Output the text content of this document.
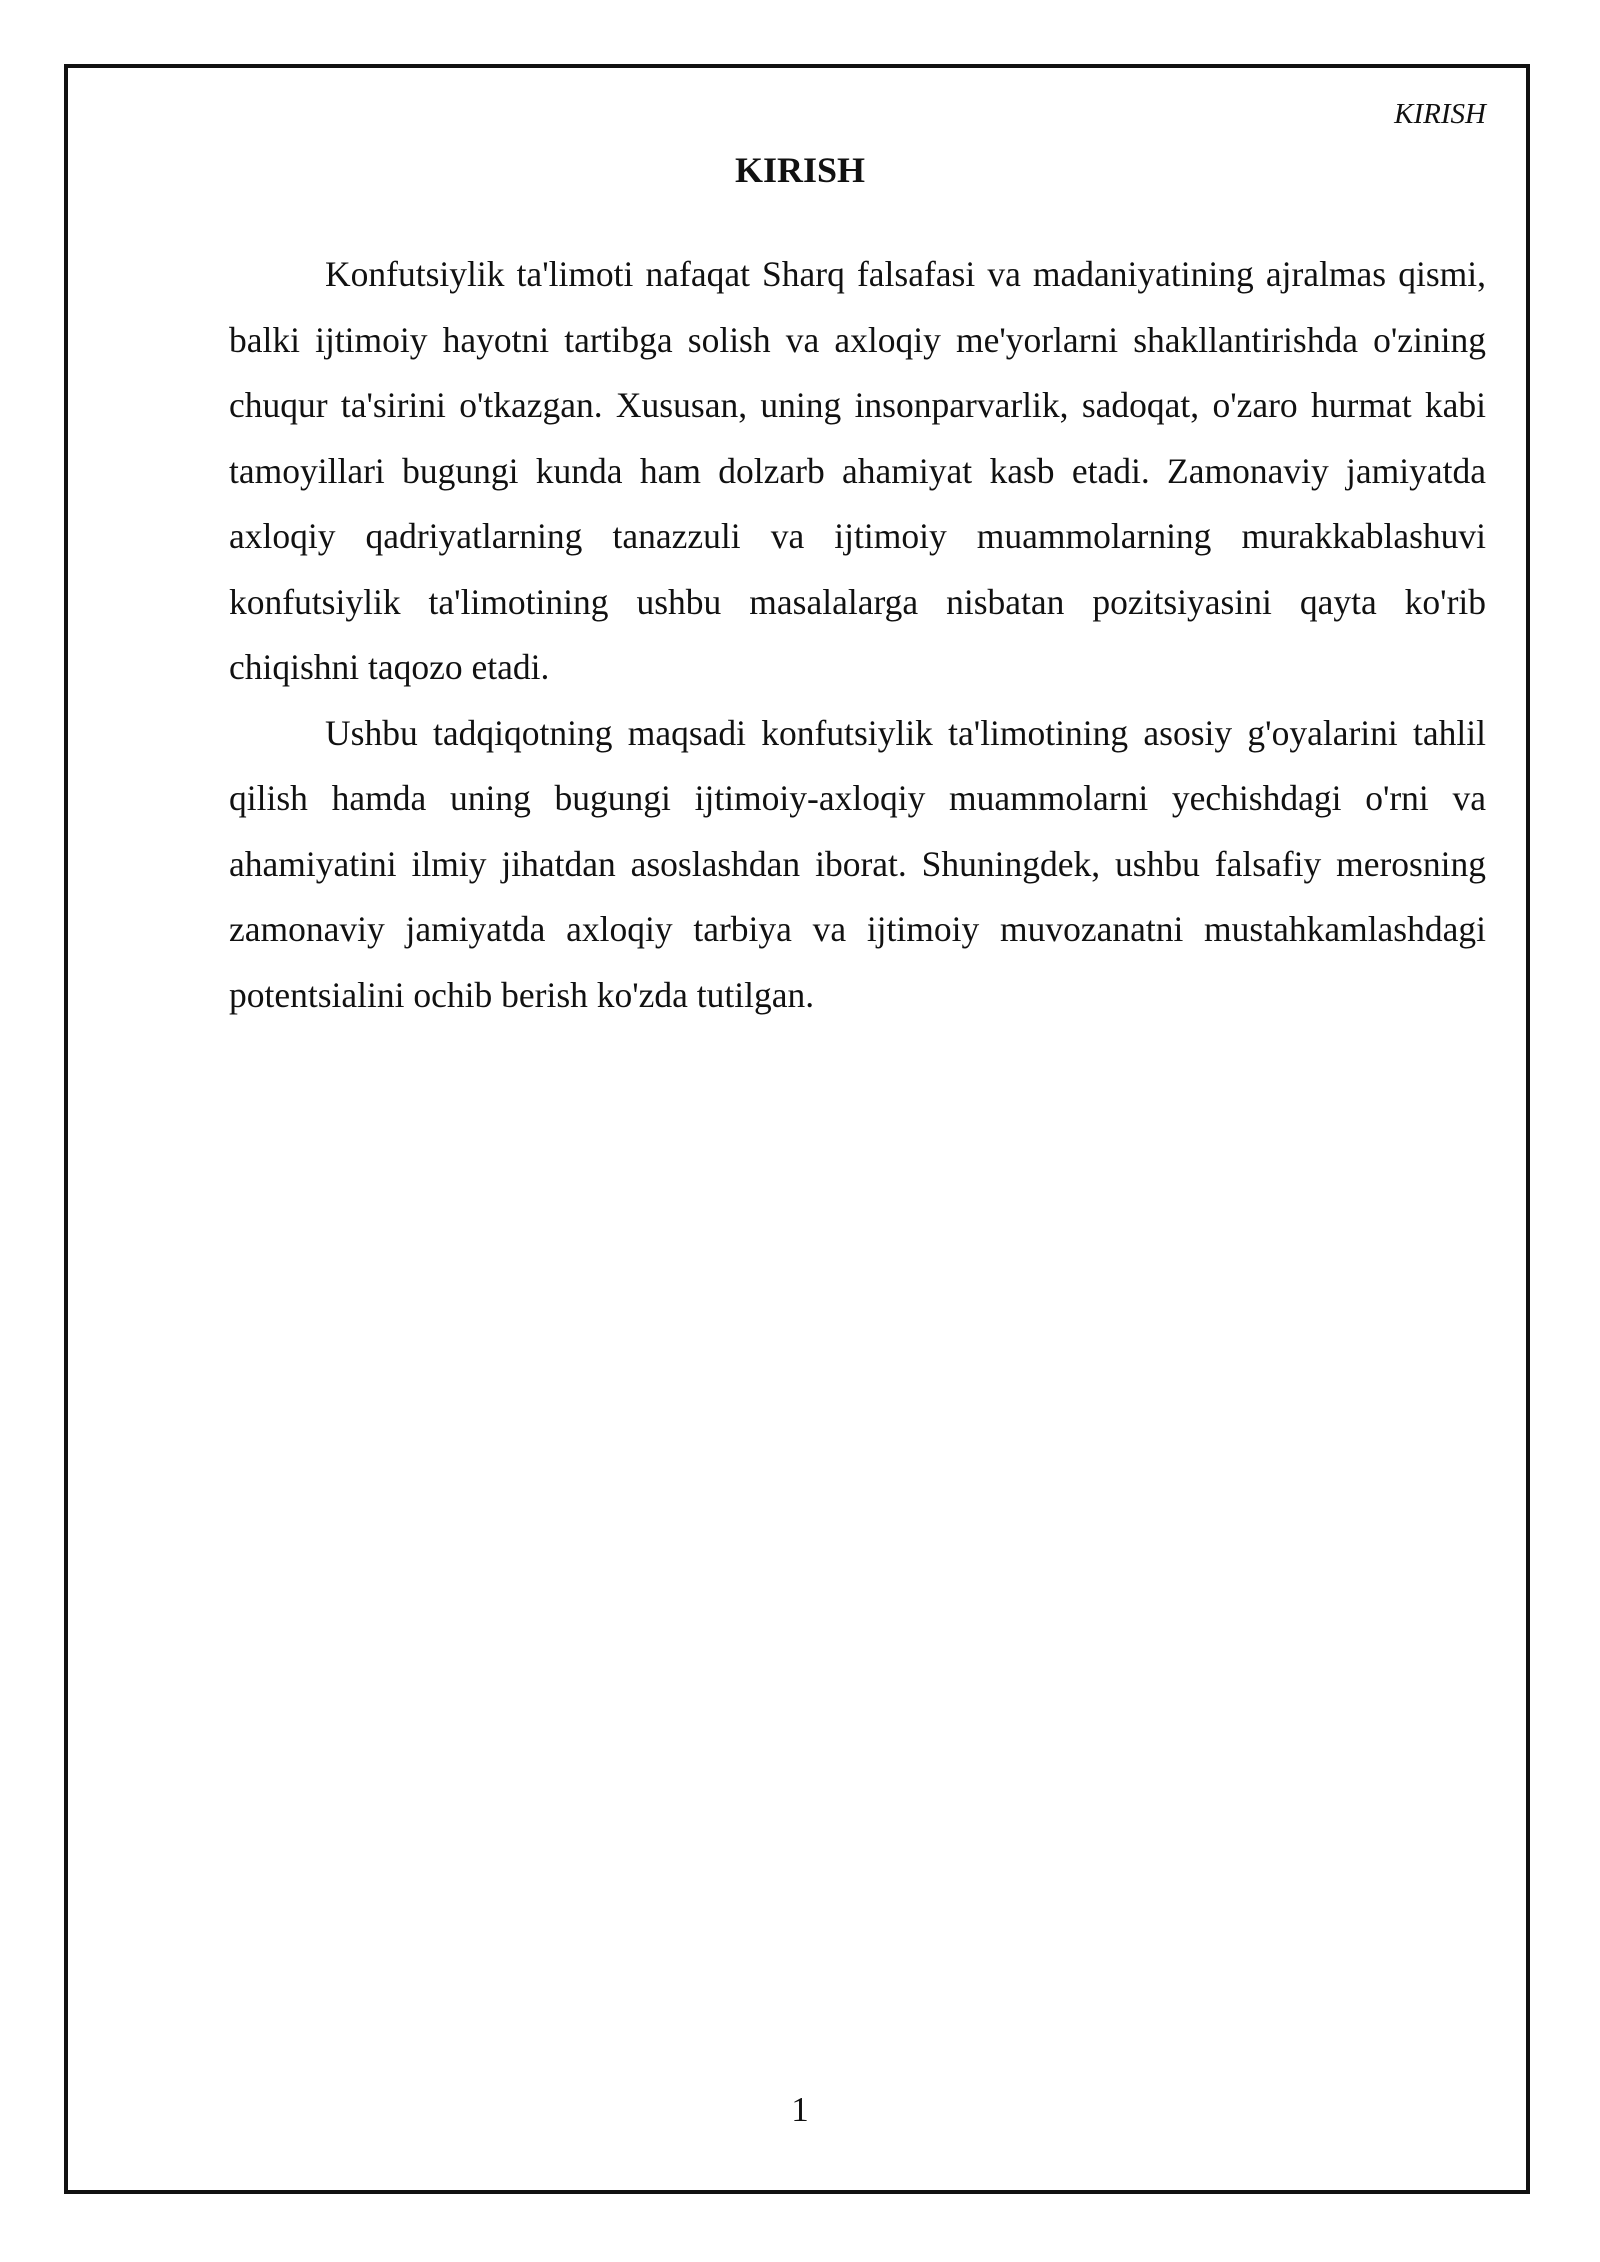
KIRISH
KIRISH

Konfutsiylik ta'limoti nafaqat Sharq falsafasi va madaniyatining ajralmas qismi, balki ijtimoiy hayotni tartibga solish va axloqiy me'yorlarni shakllantirishda o'zining chuqur ta'sirini o'tkazgan. Xususan, uning insonparvarlik, sadoqat, o'zaro hurmat kabi tamoyillari bugungi kunda ham dolzarb ahamiyat kasb etadi. Zamonaviy jamiyatda axloqiy qadriyatlarning tanazzuli va ijtimoiy muammolarning murakkablashuvi konfutsiylik ta'limotining ushbu masalalarga nisbatan pozitsiyasini qayta ko'rib chiqishni taqozo etadi.

Ushbu tadqiqotning maqsadi konfutsiylik ta'limotining asosiy g'oyalarini tahlil qilish hamda uning bugungi ijtimoiy-axloqiy muammolarni yechishdagi o'rni va ahamiyatini ilmiy jihatdan asoslashdan iborat. Shuningdek, ushbu falsafiy merosning zamonaviy jamiyatda axloqiy tarbiya va ijtimoiy muvozanatni mustahkamlashdagi potentsialini ochib berish ko'zda tutilgan.

1
